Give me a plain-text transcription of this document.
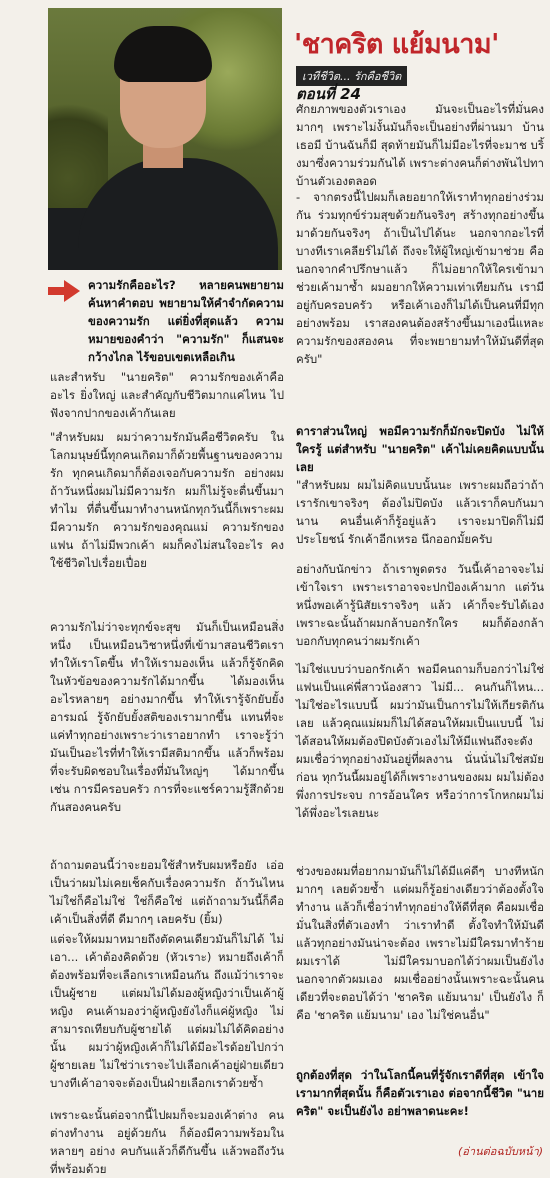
'ชาคริต แย้มนาม'
เวทีชีวิต... รักคือชีวิต
ตอนที่ 24

ความรักคืออะไร? หลายคนพยายามค้นหาคำตอบ พยายามให้คำจำกัดความของความรัก แต่ยิ่งที่สุดแล้ว ความหมายของคำว่า "ความรัก" ก็แสนจะกว้างไกล ไร้ขอบเขตเหลือเกิน

และสำหรับ "นายคริต" ความรักของเค้าคือ อะไร ยิ่งใหญ่ และสำคัญกับชีวิตมากแค่ไหน ไปฟังจากปากของเค้ากันเลย

"สำหรับผม ผมว่าความรักมันคือชีวิตครับ ในโลกมนุษย์นี้ทุกคนเกิดมาก็ด้วยพื้นฐานของความรัก ทุกคนเกิดมาก็ต้องเจอกับความรัก อย่างผม ถ้าวันหนึ่งผมไม่มีความรัก ผมก็ไม่รู้จะตื่นขึ้นมาทำไม ที่ตื่นขึ้นมาทำงานหนักทุกวันนี้ก็เพราะผมมีความรัก ความรักของคุณแม่ ความรักของแฟน ถ้าไม่มีพวกเค้า ผมก็คงไม่สนใจอะไร คงใช้ชีวิตไปเรื่อยเปื่อย

ความรักไม่ว่าจะทุกข์จะสุข มันก็เป็นเหมือนสิ่งหนึ่ง เป็นเหมือนวิชาหนึ่งที่เข้ามาสอนชีวิตเราทำให้เราโตขึ้น ทำให้เรามองเห็น แล้วก็รู้จักคิดในหัวข้อของความรักได้มากขึ้น ได้มองเห็นอะไรหลายๆ อย่างมากขึ้น ทำให้เรารู้จักยับยั้งอารมณ์ รู้จักยับยั้งสติของเรามากขึ้น แทนที่จะแค่ทำทุกอย่างเพราะว่าเราอยากทำ เราจะรู้ว่า มันเป็นอะไรที่ทำให้เรามีสติมากขึ้น แล้วก็พร้อมที่จะรับผิดชอบในเรื่องที่มันใหญ่ๆ ได้มากขึ้น เช่น การมีครอบครัว การที่จะแชร์ความรู้สึกด้วยกันสองคนครับ

ถ้าถามตอนนี้ว่าจะยอมใช้สำหรับผมหรือยัง เอ่อ เป็นว่าผมไม่เคยเช็คกับเรื่องความรัก ถ้าวันไหนไม่ใช่ก็คือไม่ใช่ ใช่ก็คือใช่ แต่ถ้าถามวันนี้ก็คือ เค้าเป็นสิ่งที่ดี ดีมากๆ เลยครับ (ยิ้ม)

แต่จะให้ผมมาหมายถึงตัดคนเดียวมันก็ไม่ได้ ไม่เอา... เค้าต้องคิดด้วย (หัวเราะ) หมายถึงเค้าก็ต้องพร้อมที่จะเลือกเราเหมือนกัน ถึงแม้ว่าเราจะเป็นผู้ชาย แต่ผมไม่ได้มองผู้หญิงว่าเป็นเค้าผู้หญิง คนเค้ามองว่าผู้หญิงยังไงก็แค่ผู้หญิง ไม่สามารถเทียบกับผู้ชายได้ แต่ผมไม่ได้คิดอย่างนั้น ผมว่าผู้หญิงเค้าก็ไม่ได้มีอะไรด้อยไปกว่าผู้ชายเลย ไม่ใช่ว่าเราจะไปเลือกเค้าอยู่ฝ่ายเดียว บางทีเค้าอาจจะต้องเป็นฝ่ายเลือกเราด้วยซ้ำ

เพราะฉะนั้นต่อจากนี้ไปผมก็จะมองเค้าต่าง คนต่างทำงาน อยู่ด้วยกัน ก็ต้องมีความพร้อมในหลายๆ อย่าง คบกันแล้วก็ดีกันขึ้น แล้วพอถึงวันที่พร้อมด้วย

ศักยภาพของตัวเราเอง มันจะเป็นอะไรที่มั่นคงมากๆ เพราะไม่งั้นมันก็จะเป็นอย่างที่ผ่านมา บ้านเธอมี บ้านฉันก็มี สุดท้ายมันก็ไม่มีอะไรที่จะมาช บริ้งมาซึ่งความร่วมกันได้ เพราะต่างคนก็ต่างพันไปทาบ้านตัวเองตลอด

- จากตรงนี้ไปผมก็เลยอยากให้เราทำทุกอย่างร่วมกัน ร่วมทุกข์ร่วมสุขด้วยกันจริงๆ สร้างทุกอย่างขึ้นมาด้วยกันจริงๆ ถ้าเป็นไปได้นะ นอกจากอะไรที่บางทีเราเคลียร์ไม่ได้ ถึงจะให้ผู้ใหญ่เข้ามาช่วย คือนอกจากคำปรึกษาแล้ว ก็ไม่อยากให้ใครเข้ามาช่วยเค้ามาซ้ำ ผมอยากให้ความเท่าเทียมกัน เรามีอยู่กับครอบครัว หรือเค้าเองก็ไม่ได้เป็นคนที่มีทุกอย่างพร้อม เราสองคนต้องสร้างขึ้นมาเองนี่แหละ ความรักของสองคน ที่จะพยายามทำให้มันดีที่สุดครับ"

ดาราส่วนใหญ่ พอมีความรักก็มักจะปิดบัง ไม่ให้ใครรู้ แต่สำหรับ "นายคริต" เค้าไม่เคยคิดแบบนั้นเลย

"สำหรับผม ผมไม่คิดแบบนั้นนะ เพราะผมถือว่าถ้าเรารักเขาจริงๆ ต้องไม่ปิดบัง แล้วเราก็คบกันมานาน คนอื่นเค้าก็รู้อยู่แล้ว เราจะมาปิดก็ไม่มีประโยชน์ รักเค้าอีกเหรอ นึกออกมั้ยครับ

อย่างกับนักข่าว ถ้าเราพูดตรง วันนี้เค้าอาจจะไม่เข้าใจเรา เพราะเราอาจจะปกป้องเค้ามาก แต่วันหนึ่งพอเค้ารู้นิสัยเราจริงๆ แล้ว เค้าก็จะรับได้เอง เพราะฉะนั้นถ้าผมกล้าบอกรักใคร ผมก็ต้องกล้าบอกกับทุกคนว่าผมรักเค้า

ไม่ใช่แบบว่าบอกรักเค้า พอมีคนถามก็บอกว่าไม่ใช่แฟนเป็นแค่พี่สาวน้องสาว ไม่มี... คนกันก็ไหน... ไม่ใช่อะไรแบบนี้ ผมว่ามันเป็นการไม่ให้เกียรติกันเลย แล้วคุณแม่ผมก็ไม่ได้สอนให้ผมเป็นแบบนี้ ไม่ได้สอนให้ผมต้องปิดบังตัวเองไม่ให้มีแฟนถึงจะดัง ผมเชื่อว่าทุกอย่างมันอยู่ที่ผลงาน นั่นนั่นไม่ใช่สมัยก่อน ทุกวันนี้ผมอยู่ได้ก็เพราะงานของผม ผมไม่ต้องพึ่งการประจบ การอ้อนใคร หรือว่าการโกหกผมไม่ได้พึ่งอะไรเลยนะ

ช่วงของผมที่อยากมามันก็ไม่ได้มีแค่ดีๆ บางทีหนักมากๆ เลยด้วยซ้ำ แต่ผมก็รู้อย่างเดียวว่าต้องตั้งใจทำงาน แล้วก็เชื่อว่าทำทุกอย่างให้ดีที่สุด คือผมเชื่อมั่นในสิ่งที่ตัวเองทำ ว่าเราทำดี ตั้งใจทำให้มันดี แล้วทุกอย่างมันน่าจะต้อง เพราะไม่มีใครมาทำร้ายผมเราได้ ไม่มีใครมาบอกได้ว่าผมเป็นยังไง นอกจากตัวผมเอง ผมเชื่ออย่างนั้นเพราะฉะนั้นคนเดียวที่จะตอบได้ว่า 'ชาคริต แย้มนาม' เป็นยังไง ก็คือ 'ชาคริต แย้มนาม' เอง ไม่ใช่คนอื่น"

ถูกต้องที่สุด ว่าในโลกนี้คนที่รู้จักเราดีที่สุด เข้าใจเรามากที่สุดนั้น ก็คือตัวเราเอง ต่อจากนี้ชีวิต "นายคริต" จะเป็นยังไง อย่าพลาดนะคะ!

(อ่านต่อฉบับหน้า)
